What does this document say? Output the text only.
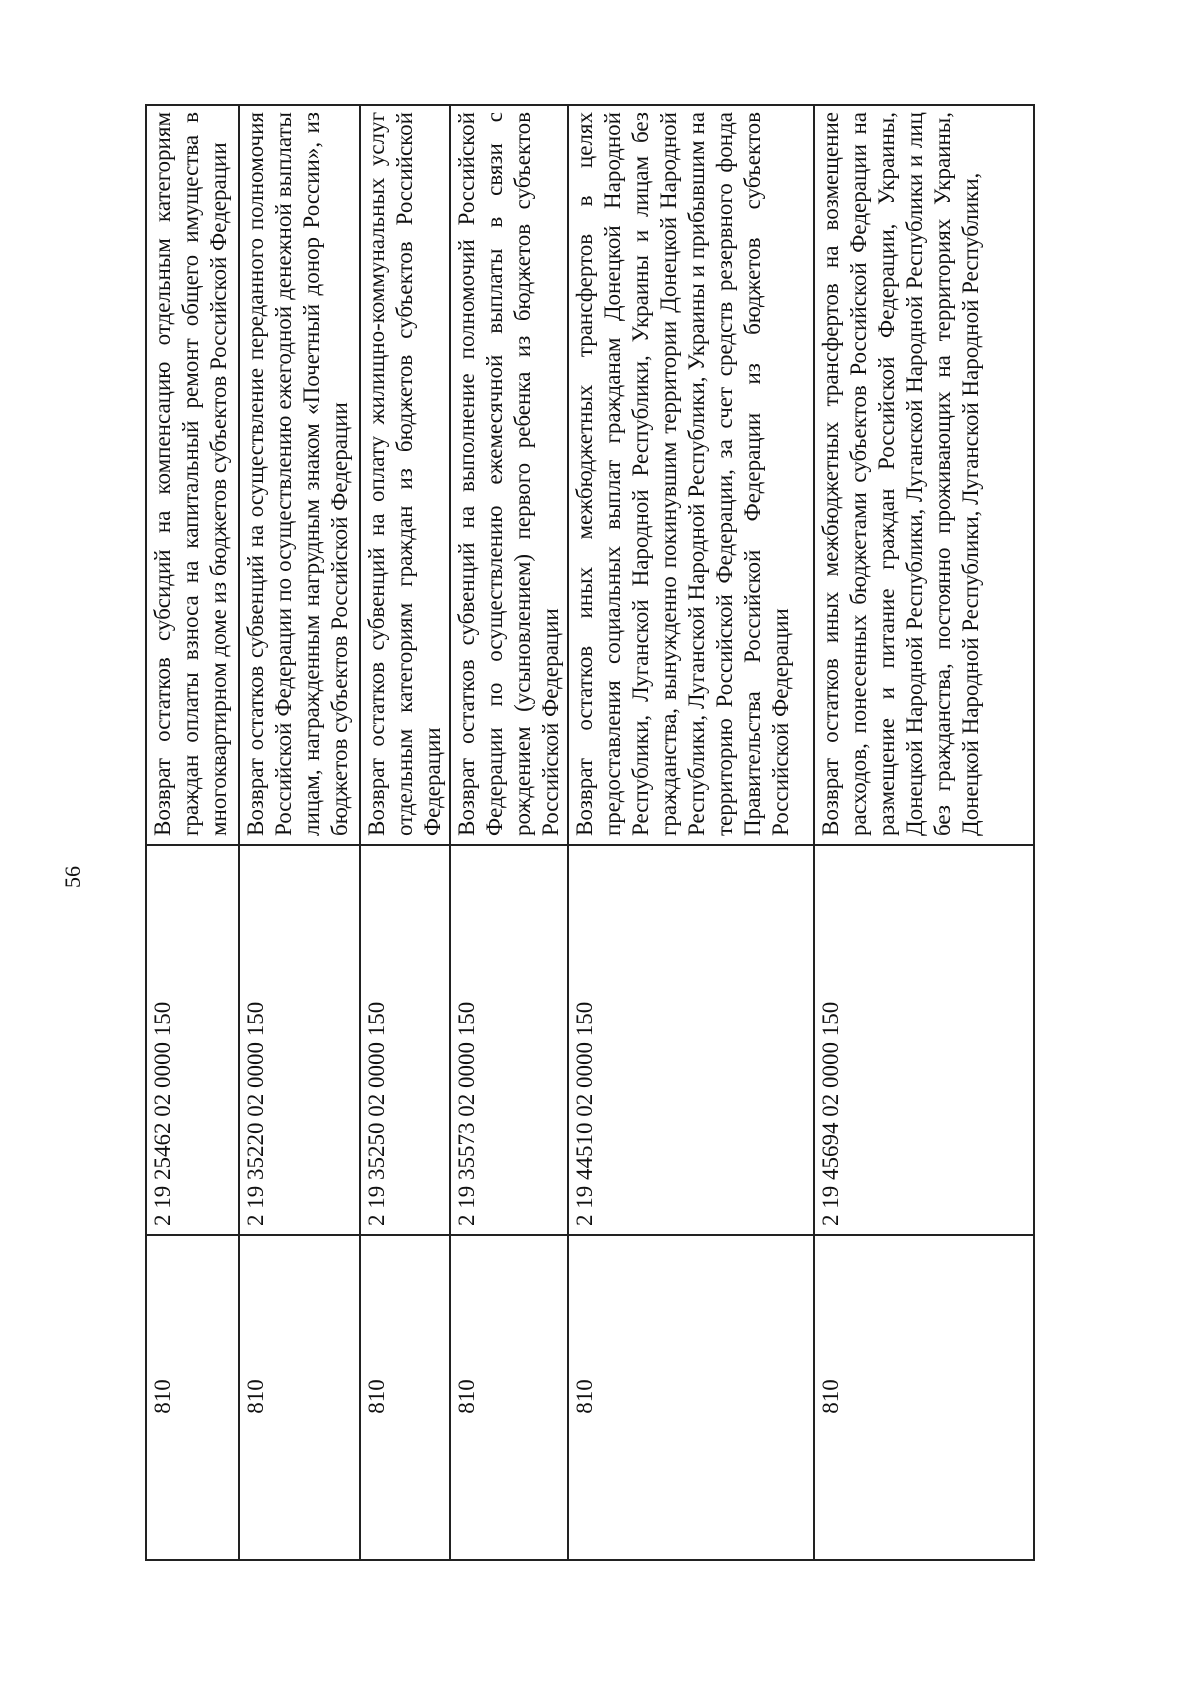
56
810	2 19 25462 02 0000 150	Возврат остатков субсидий на компенсацию отдельным категориям граждан оплаты взноса на капитальный ремонт общего имущества в многоквартирном доме из бюджетов субъектов Российской Федерации
810	2 19 35220 02 0000 150	Возврат остатков субвенций на осуществление переданного полномочия Российской Федерации по осуществлению ежегодной денежной выплаты лицам, награжденным нагрудным знаком «Почетный донор России», из бюджетов субъектов Российской Федерации
810	2 19 35250 02 0000 150	Возврат остатков субвенций на оплату жилищно-коммунальных услуг отдельным категориям граждан из бюджетов субъектов Российской Федерации
810	2 19 35573 02 0000 150	Возврат остатков субвенций на выполнение полномочий Российской Федерации по осуществлению ежемесячной выплаты в связи с рождением (усыновлением) первого ребенка из бюджетов субъектов Российской Федерации
810	2 19 44510 02 0000 150	Возврат остатков иных межбюджетных трансфертов в целях предоставления социальных выплат гражданам Донецкой Народной Республики, Луганской Народной Республики, Украины и лицам без гражданства, вынужденно покинувшим территории Донецкой Народной Республики, Луганской Народной Республики, Украины и прибывшим на территорию Российской Федерации, за счет средств резервного фонда Правительства Российской Федерации из бюджетов субъектов Российской Федерации
810	2 19 45694 02 0000 150	Возврат остатков иных межбюджетных трансфертов на возмещение расходов, понесенных бюджетами субъектов Российской Федерации на размещение и питание граждан Российской Федерации, Украины, Донецкой Народной Республики, Луганской Народной Республики и лиц без гражданства, постоянно проживающих на территориях Украины, Донецкой Народной Республики, Луганской Народной Республики,
